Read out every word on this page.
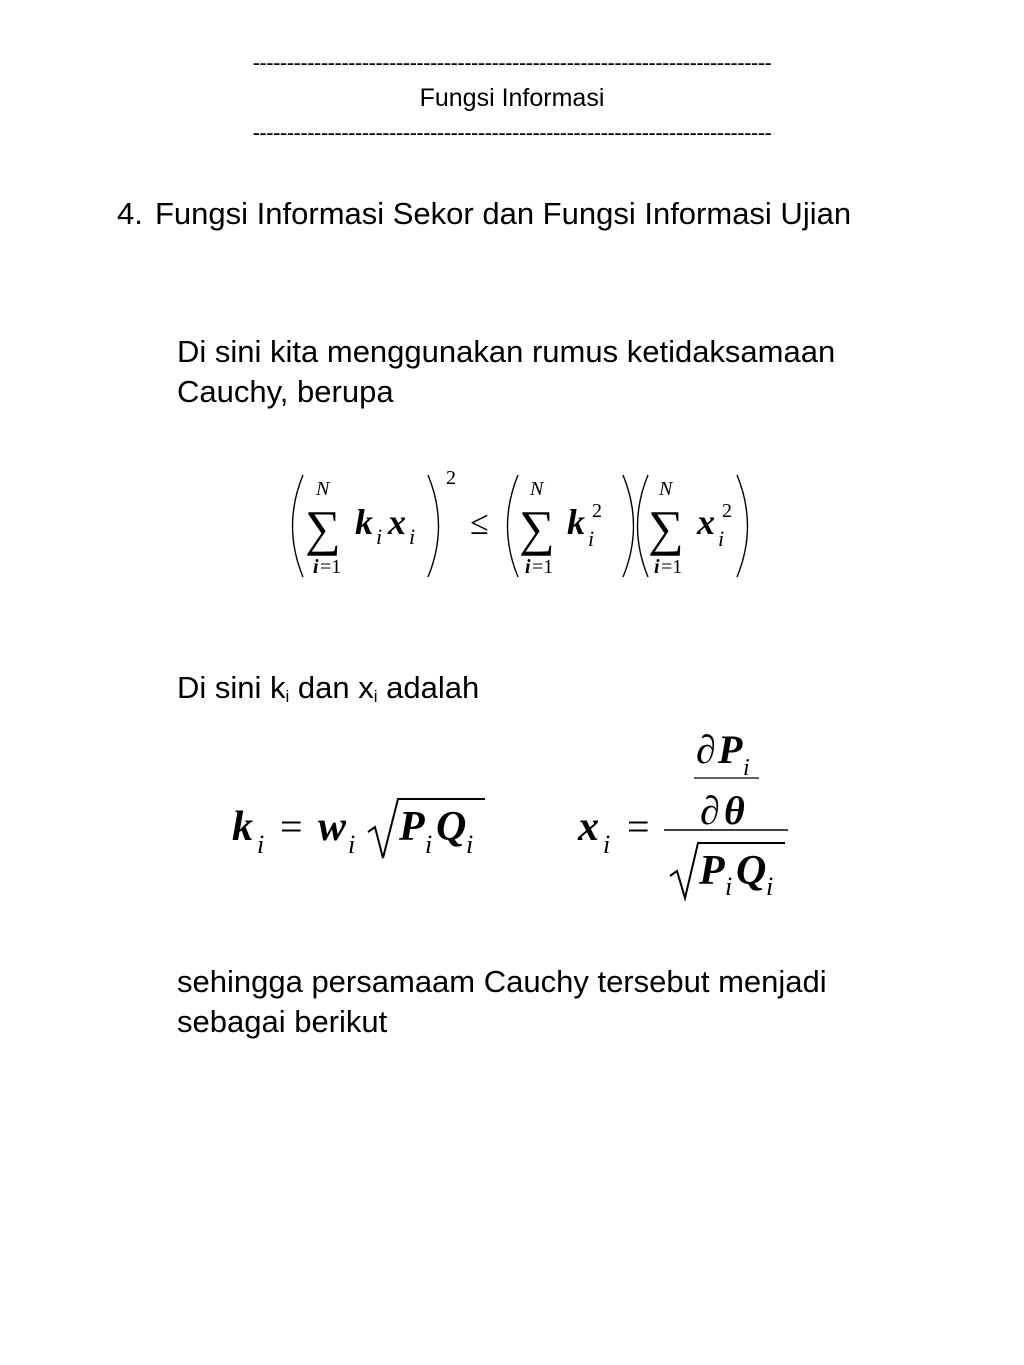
----------------------------------------------------------------------------
Fungsi Informasi
----------------------------------------------------------------------------
4. Fungsi Informasi Sekor dan Fungsi Informasi Ujian
Di sini kita menggunakan rumus ketidaksamaan Cauchy, berupa
N
∑
i =1
k i x i
2
≤
N
∑
i =1
k 2
i
N
∑
i =1
x 2
i
k i = w i P i Q i x i =
∂ P i
∂ θ
P i Q i
Di sini $k_i$ dan $x_i$ adalah
sehingga persamaam Cauchy tersebut menjadi sebagai berikut
